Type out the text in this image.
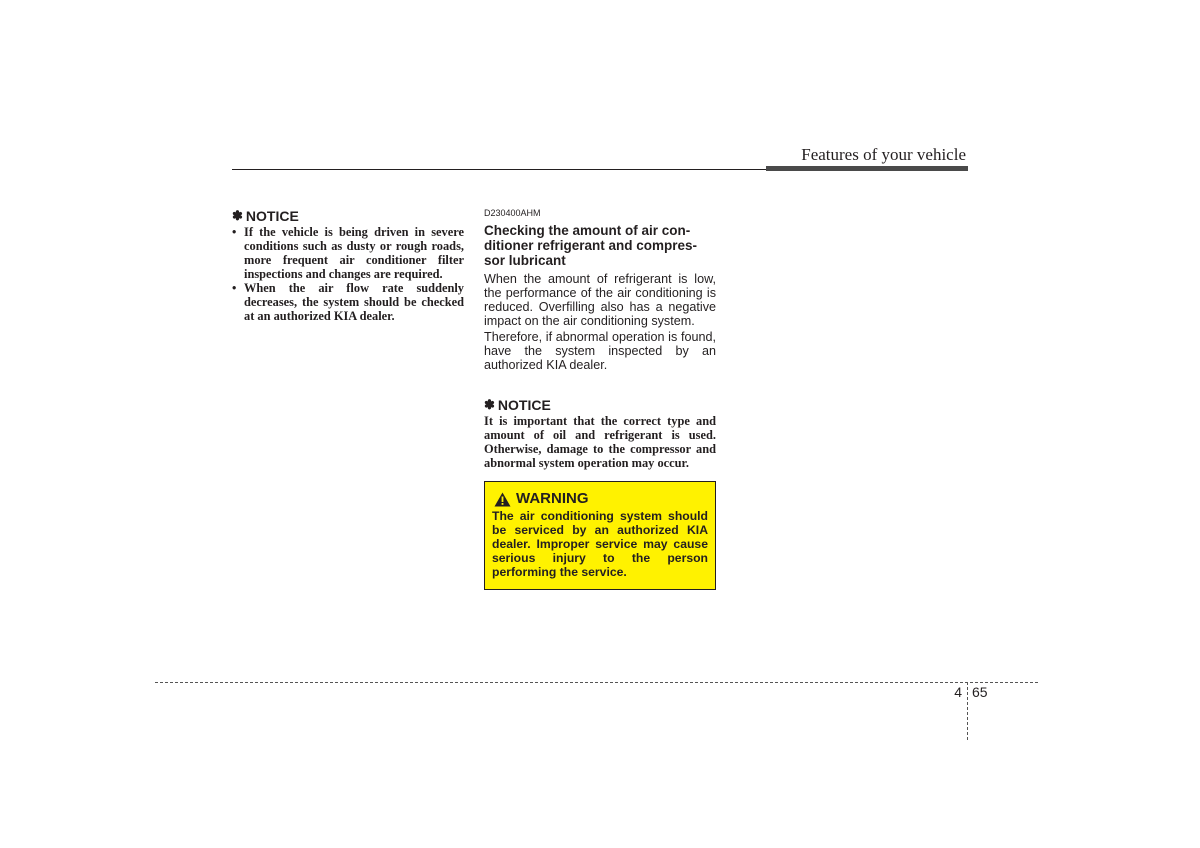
Features of your vehicle
✽ NOTICE
• If the vehicle is being driven in severe conditions such as dusty or rough roads, more frequent air conditioner filter inspections and changes are required.
• When the air flow rate suddenly decreases, the system should be checked at an authorized KIA dealer.
D230400AHM
Checking the amount of air con-
ditioner refrigerant and compres-
sor lubricant

When the amount of refrigerant is low, the performance of the air conditioning is reduced. Overfilling also has a negative impact on the air conditioning system.

Therefore, if abnormal operation is found, have the system inspected by an authorized KIA dealer.

✽ NOTICE

It is important that the correct type and amount of oil and refrigerant is used. Otherwise, damage to the compressor and abnormal system operation may occur.

WARNING
The air conditioning system should be serviced by an authorized KIA dealer. Improper service may cause serious injury to the person performing the service.
4 65
